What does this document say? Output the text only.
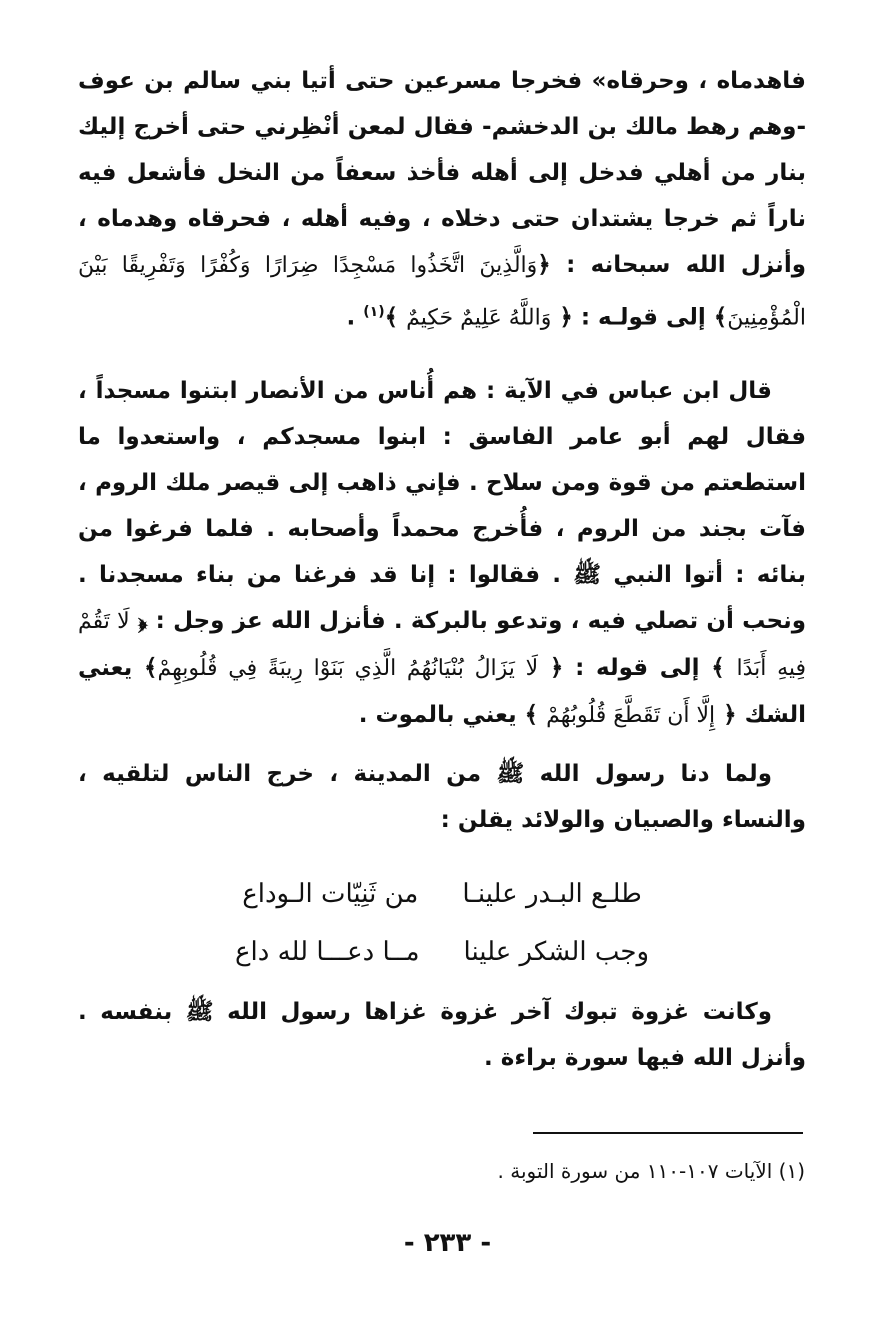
فاهدماه ، وحرقاه» فخرجا مسرعين حتى أتيا بني سالم بن عوف -وهم رهط مالك بن الدخشم- فقال لمعن أنْظِرني حتى أخرج إليك بنار من أهلي فدخل إلى أهله فأخذ سعفاً من النخل فأشعل فيه ناراً ثم خرجا يشتدان حتى دخلاه ، وفيه أهله ، فحرقاه وهدماه ، وأنزل الله سبحانه : ﴿وَالَّذِينَ اتَّخَذُوا مَسْجِدًا ضِرَارًا وَكُفْرًا وَتَفْرِيقًا بَيْنَ الْمُؤْمِنِينَ﴾ إلى قولـه : ﴿ وَاللَّهُ عَلِيمٌ حَكِيمٌ ﴾$^{(١)}$ .

قال ابن عباس في الآية : هم أُناس من الأنصار ابتنوا مسجداً ، فقال لهم أبو عامر الفاسق : ابنوا مسجدكم ، واستعدوا ما استطعتم من قوة ومن سلاح . فإني ذاهب إلى قيصر ملك الروم ، فآت بجند من الروم ، فأُخرج محمداً وأصحابه . فلما فرغوا من بنائه : أتوا النبي ﷺ . فقالوا : إنا قد فرغنا من بناء مسجدنا . ونحب أن تصلي فيه ، وتدعو بالبركة . فأنزل الله عز وجل : ﴿ لَا تَقُمْ فِيهِ أَبَدًا ﴾ إلى قوله : ﴿ لَا يَزَالُ بُنْيَانُهُمُ الَّذِي بَنَوْا رِيبَةً فِي قُلُوبِهِمْ﴾ يعني الشك ﴿ إِلَّا أَن تَقَطَّعَ قُلُوبُهُمْ ﴾ يعني بالموت .

ولما دنا رسول الله ﷺ من المدينة ، خرج الناس لتلقيه ، والنساء والصبيان والولائد يقلن :

طلـع البـدر علينـا
من ثَنِيّات الـوداع
وجب الشكر علينا
مــا دعـــا لله داع

وكانت غزوة تبوك آخر غزوة غزاها رسول الله ﷺ بنفسه . وأنزل الله فيها سورة براءة .

(١) الآيات ١٠٧-١١٠ من سورة التوبة .
- ٢٣٣ -
